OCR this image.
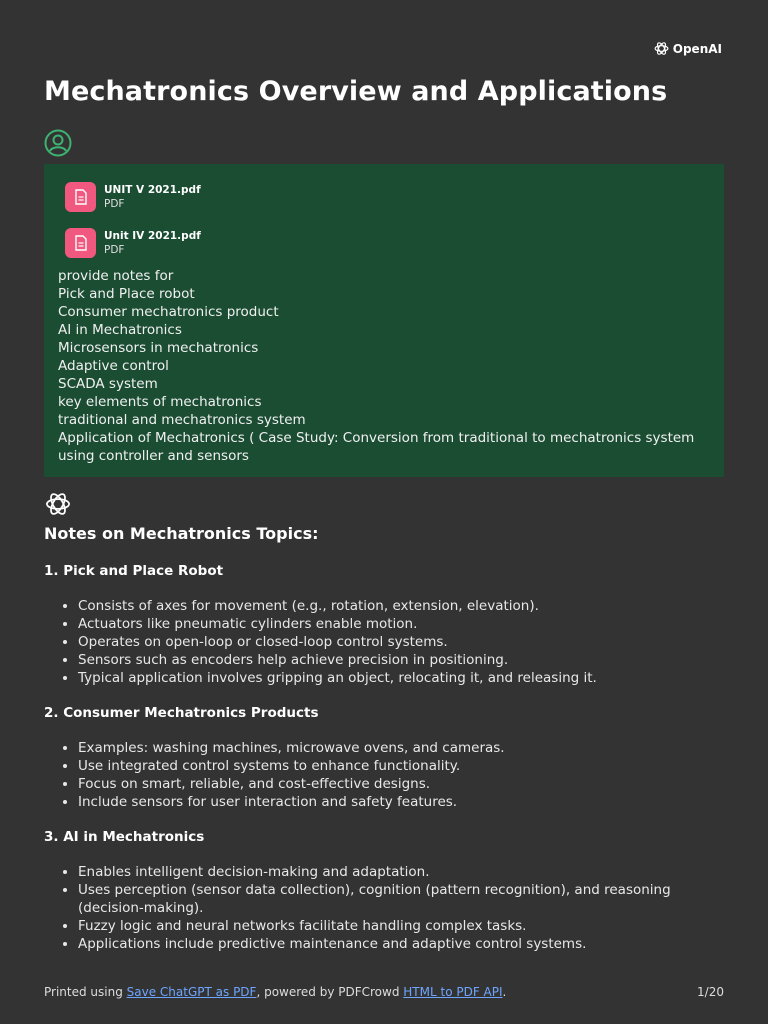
OpenAI
Mechatronics Overview and Applications
UNIT V 2021.pdf
PDF
Unit IV 2021.pdf
PDF
provide notes for
Pick and Place robot
Consumer mechatronics product
AI in Mechatronics
Microsensors in mechatronics
Adaptive control
SCADA system
key elements of mechatronics
traditional and mechatronics system
Application of Mechatronics ( Case Study: Conversion from traditional to mechatronics system using controller and sensors
Notes on Mechatronics Topics:
1. Pick and Place Robot
• Consists of axes for movement (e.g., rotation, extension, elevation).
• Actuators like pneumatic cylinders enable motion.
• Operates on open-loop or closed-loop control systems.
• Sensors such as encoders help achieve precision in positioning.
• Typical application involves gripping an object, relocating it, and releasing it.
2. Consumer Mechatronics Products
• Examples: washing machines, microwave ovens, and cameras.
• Use integrated control systems to enhance functionality.
• Focus on smart, reliable, and cost-effective designs.
• Include sensors for user interaction and safety features.
3. AI in Mechatronics
• Enables intelligent decision-making and adaptation.
• Uses perception (sensor data collection), cognition (pattern recognition), and reasoning (decision-making).
• Fuzzy logic and neural networks facilitate handling complex tasks.
• Applications include predictive maintenance and adaptive control systems.
Printed using Save ChatGPT as PDF, powered by PDFCrowd HTML to PDF API.	1/20
